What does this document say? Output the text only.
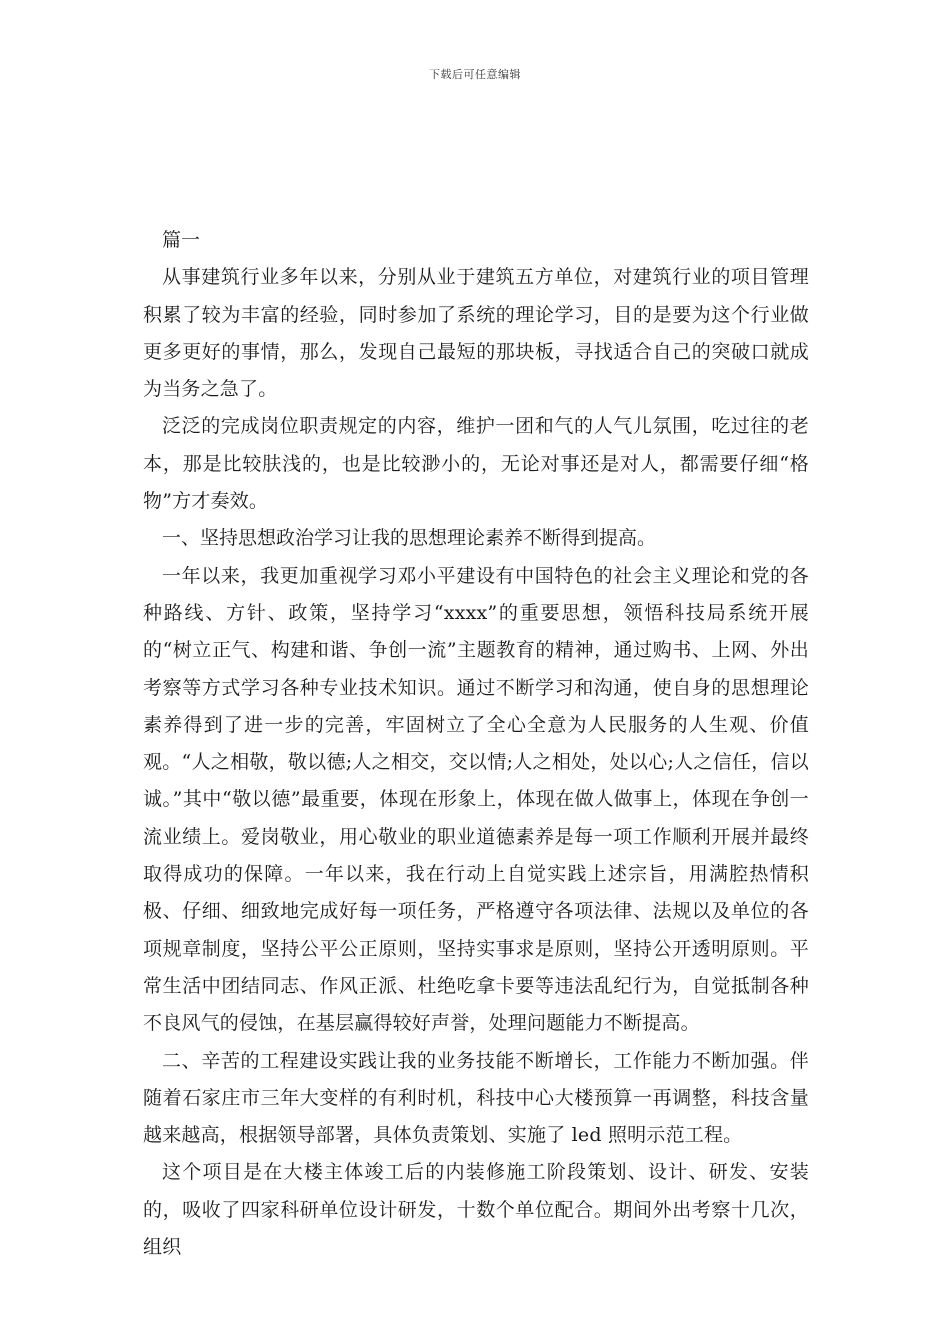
下载后可任意编辑

篇一

从事建筑行业多年以来，分别从业于建筑五方单位，对建筑行业的项目管理积累了较为丰富的经验，同时参加了系统的理论学习，目的是要为这个行业做更多更好的事情，那么，发现自己最短的那块板，寻找适合自己的突破口就成为当务之急了。

泛泛的完成岗位职责规定的内容，维护一团和气的人气儿氛围，吃过往的老本，那是比较肤浅的，也是比较渺小的，无论对事还是对人，都需要仔细“格物”方才奏效。

一、坚持思想政治学习让我的思想理论素养不断得到提高。

一年以来，我更加重视学习邓小平建设有中国特色的社会主义理论和党的各种路线、方针、政策，坚持学习“xxxx”的重要思想，领悟科技局系统开展的“树立正气、构建和谐、争创一流”主题教育的精神，通过购书、上网、外出考察等方式学习各种专业技术知识。通过不断学习和沟通，使自身的思想理论素养得到了进一步的完善，牢固树立了全心全意为人民服务的人生观、价值观。“人之相敬，敬以德;人之相交，交以情;人之相处，处以心;人之信任，信以诚。”其中“敬以德”最重要，体现在形象上，体现在做人做事上，体现在争创一流业绩上。爱岗敬业，用心敬业的职业道德素养是每一项工作顺利开展并最终取得成功的保障。一年以来，我在行动上自觉实践上述宗旨，用满腔热情积极、仔细、细致地完成好每一项任务，严格遵守各项法律、法规以及单位的各项规章制度，坚持公平公正原则，坚持实事求是原则，坚持公开透明原则。平常生活中团结同志、作风正派、杜绝吃拿卡要等违法乱纪行为，自觉抵制各种不良风气的侵蚀，在基层赢得较好声誉，处理问题能力不断提高。

二、辛苦的工程建设实践让我的业务技能不断增长，工作能力不断加强。伴随着石家庄市三年大变样的有利时机，科技中心大楼预算一再调整，科技含量越来越高，根据领导部署，具体负责策划、实施了 led 照明示范工程。

这个项目是在大楼主体竣工后的内装修施工阶段策划、设计、研发、安装的，吸收了四家科研单位设计研发，十数个单位配合。期间外出考察十几次，组织
